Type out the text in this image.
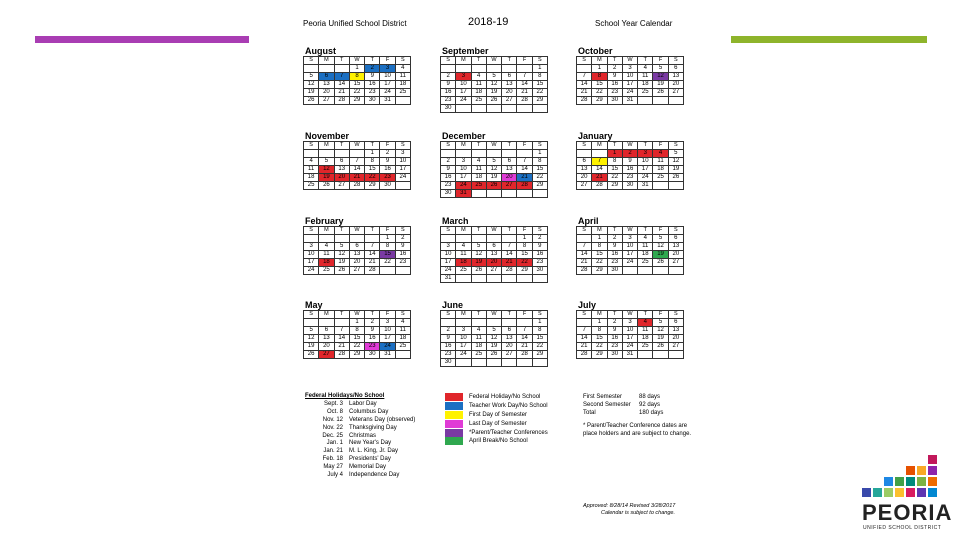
Peoria Unified School District	2018-19	School Year Calendar
August
S	M	T	W	T	F	S
			1	2	3	4
5	6	7	8	9	10	11
12	13	14	15	16	17	18
19	20	21	22	23	24	25
26	27	28	29	30	31	
September
S	M	T	W	T	F	S
						1
2	3	4	5	6	7	8
9	10	11	12	13	14	15
16	17	18	19	20	21	22
23	24	25	26	27	28	29
30						
October
S	M	T	W	T	F	S
	1	2	3	4	5	6
7	8	9	10	11	12	13
14	15	16	17	18	19	20
21	22	23	24	25	26	27
28	29	30	31			
November
S	M	T	W	T	F	S
				1	2	3
4	5	6	7	8	9	10
11	12	13	14	15	16	17
18	19	20	21	22	23	24
25	26	27	28	29	30	
December
S	M	T	W	T	F	S
						1
2	3	4	5	6	7	8
9	10	11	12	13	14	15
16	17	18	19	20	21	22
23	24	25	26	27	28	29
30	31					
January
S	M	T	W	T	F	S
		1	2	3	4	5
6	7	8	9	10	11	12
13	14	15	16	17	18	19
20	21	22	23	24	25	26
27	28	29	30	31		
February
S	M	T	W	T	F	S
					1	2
3	4	5	6	7	8	9
10	11	12	13	14	15	16
17	18	19	20	21	22	23
24	25	26	27	28		
March
S	M	T	W	T	F	S
					1	2
3	4	5	6	7	8	9
10	11	12	13	14	15	16
17	18	19	20	21	22	23
24	25	26	27	28	29	30
31						
April
S	M	T	W	T	F	S
	1	2	3	4	5	6
7	8	9	10	11	12	13
14	15	16	17	18	19	20
21	22	23	24	25	26	27
28	29	30				
May
S	M	T	W	T	F	S
			1	2	3	4
5	6	7	8	9	10	11
12	13	14	15	16	17	18
19	20	21	22	23	24	25
26	27	28	29	30	31	
June
S	M	T	W	T	F	S
						1
2	3	4	5	6	7	8
9	10	11	12	13	14	15
16	17	18	19	20	21	22
23	24	25	26	27	28	29
30						
July
S	M	T	W	T	F	S
	1	2	3	4	5	6
7	8	9	10	11	12	13
14	15	16	17	18	19	20
21	22	23	24	25	26	27
28	29	30	31			
Federal Holidays/No School
Sept. 3	Labor Day
Oct. 8	Columbus Day
Nov. 12	Veterans Day (observed)
Nov. 22	Thanksgiving Day
Dec. 25	Christmas
Jan. 1	New Year's Day
Jan. 21	M. L. King, Jr. Day
Feb. 18	Presidents' Day
May 27	Memorial Day
July 4	Independence Day
Federal Holiday/No School
Teacher Work Day/No School
First Day of Semester
Last Day of Semester
*Parent/Teacher Conferences
April Break/No School
First Semester	88 days
Second Semester	92 days
Total	180 days
* Parent/Teacher Conference dates are place holders and are subject to change.
Approved: 8/28/14 Revised 3/28/2017
Calendar is subject to change.	PEORIA
UNIFIED SCHOOL DISTRICT
